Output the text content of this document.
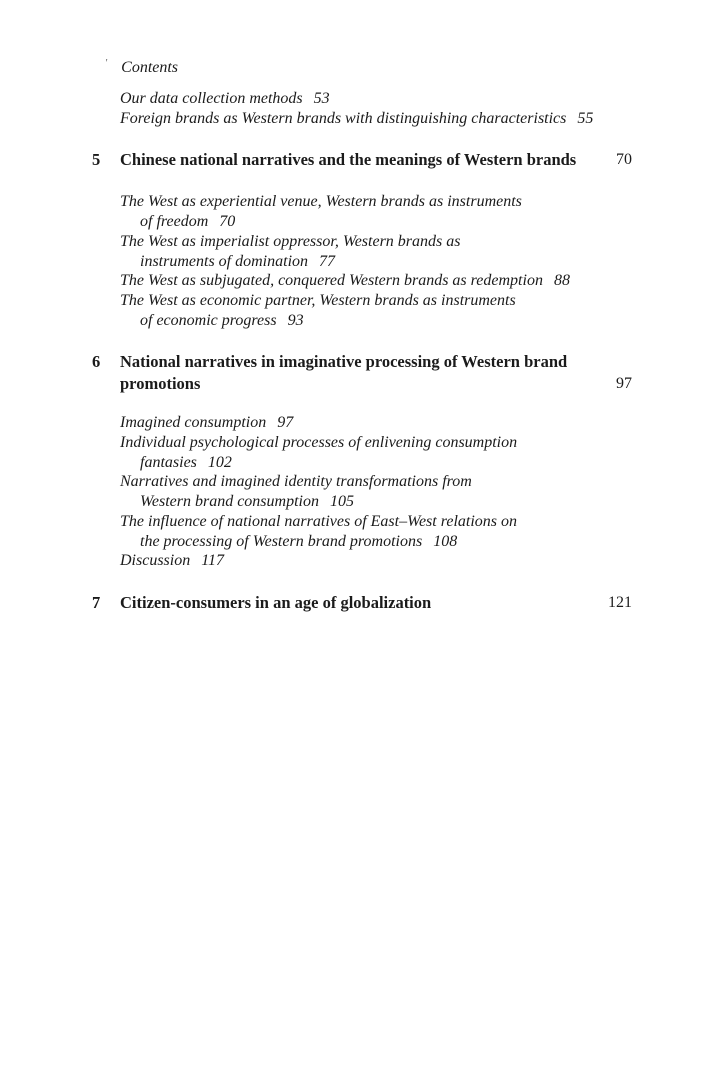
' Contents
Our data collection methods 53
Foreign brands as Western brands with distinguishing characteristics 55
5	Chinese national narratives and the meanings of Western brands	70
The West as experiential venue, Western brands as instruments
of freedom 70
The West as imperialist oppressor, Western brands as
instruments of domination 77
The West as subjugated, conquered Western brands as redemption 88
The West as economic partner, Western brands as instruments
of economic progress 93
6	National narratives in imaginative processing of Western brand
promotions	97
Imagined consumption 97
Individual psychological processes of enlivening consumption
fantasies 102
Narratives and imagined identity transformations from
Western brand consumption 105
The influence of national narratives of East–West relations on
the processing of Western brand promotions 108
Discussion 117
7	Citizen-consumers in an age of globalization	121
